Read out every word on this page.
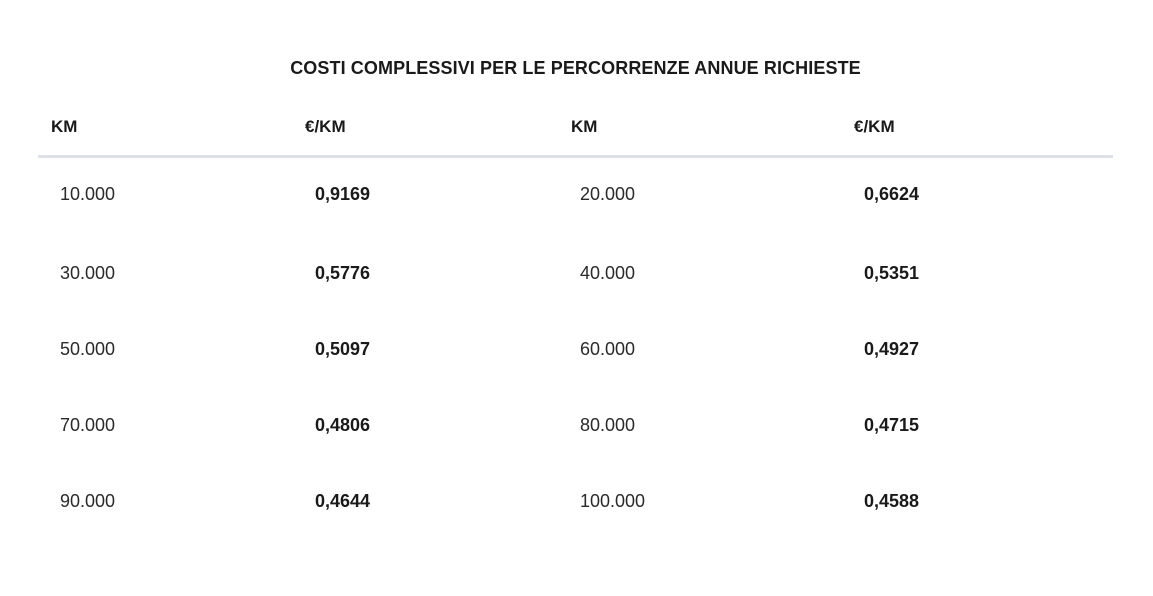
COSTI COMPLESSIVI PER LE PERCORRENZE ANNUE RICHIESTE
KM	€/KM	KM	€/KM
10.000	0,9169	20.000	0,6624
30.000	0,5776	40.000	0,5351
50.000	0,5097	60.000	0,4927
70.000	0,4806	80.000	0,4715
90.000	0,4644	100.000	0,4588
